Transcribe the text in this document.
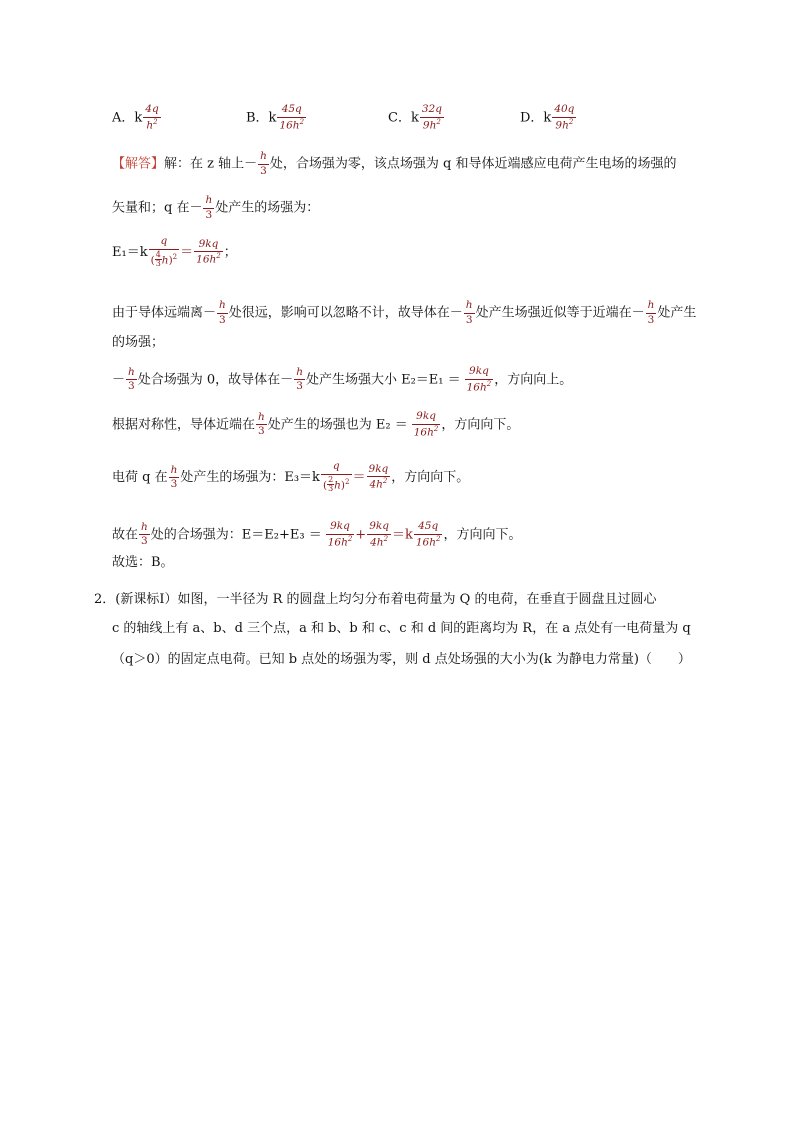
A．k $\frac{4q}{h^2}$	B．k $\frac{45q}{16h^2}$	C．k $\frac{32q}{9h^2}$	D．k $\frac{40q}{9h^2}$
【解答】解：在 z 轴上－ $\frac{h}{3}$ 处，合场强为零，该点场强为 q 和导体近端感应电荷产生电场的场强的
矢量和；q 在－ $\frac{h}{3}$ 处产生的场强为：
$E_1=k \frac{q}{( \frac{4}{3} h)^2} = \frac{9kq}{16h^2}$ ；
由于导体远端离－ $\frac{h}{3}$ 处很远，影响可以忽略不计，故导体在－ $\frac{h}{3}$ 处产生场强近似等于近端在－ $\frac{h}{3}$ 处产生
的场强；
－ $\frac{h}{3}$ 处合场强为 0，故导体在－ $\frac{h}{3}$ 处产生场强大小 $E_2=E_1 = \frac{9kq}{16h^2}$ ，方向向上。
根据对称性，导体近端在 $\frac{h}{3}$ 处产生的场强也为 $E_2 = \frac{9kq}{16h^2}$ ，方向向下。
电荷 q 在 $\frac{h}{3}$ 处产生的场强为：$E_3=k \frac{q}{( \frac{2}{3} h)^2} = \frac{9kq}{4h^2}$ ，方向向下。
故在 $\frac{h}{3}$ 处的合场强为：$E=E_2+E_3 = \frac{9kq}{16h^2} + \frac{9kq}{4h^2} =k \frac{45q}{16h^2}$ ，方向向下。
故选：B。
2．(新课标Ⅰ）如图，一半径为 R 的圆盘上均匀分布着电荷量为 Q 的电荷，在垂直于圆盘且过圆心
c 的轴线上有 a、b、d 三个点，a 和 b、b 和 c、c 和 d 间的距离均为 R，在 a 点处有一电荷量为 q
（q＞0）的固定点电荷。已知 b 点处的场强为零，则 d 点处场强的大小为(k 为静电力常量)（　　）
